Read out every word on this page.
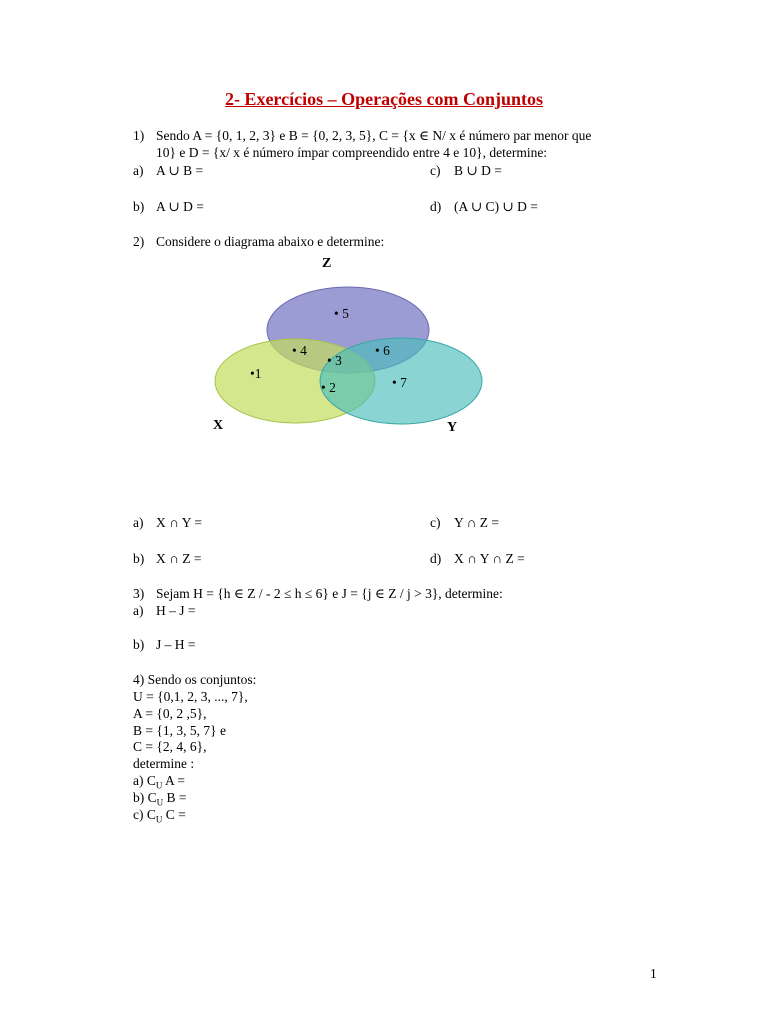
2- Exercícios – Operações com Conjuntos
1) Sendo A = {0, 1, 2, 3} e B = {0, 2, 3, 5}, C = {x ∈ N/ x é número par menor que
10} e D = {x/ x é número ímpar compreendido entre 4 e 10}, determine:
a) A ∪ B =	c) B ∪ D =
b) A ∪ D =	d) (A ∪ C) ∪ D =
2) Considere o diagrama abaixo e determine:
Z
X	Y
• 5
• 4
• 3
• 6
•1
• 2	• 7
a) X ∩ Y =	c) Y ∩ Z =
b) X ∩ Z =	d) X ∩ Y ∩ Z =
3) Sejam H = {h ∈ Z / - 2 ≤ h ≤ 6} e J = {j ∈ Z / j > 3}, determine:
a) H – J =
b) J – H =
4) Sendo os conjuntos:
U = {0,1, 2, 3, ..., 7},
A = {0, 2 ,5},
B = {1, 3, 5, 7} e
C = {2, 4, 6},
determine :
a) $C_U$ A =
b) $C_U$ B =
c) $C_U$ C =
1
